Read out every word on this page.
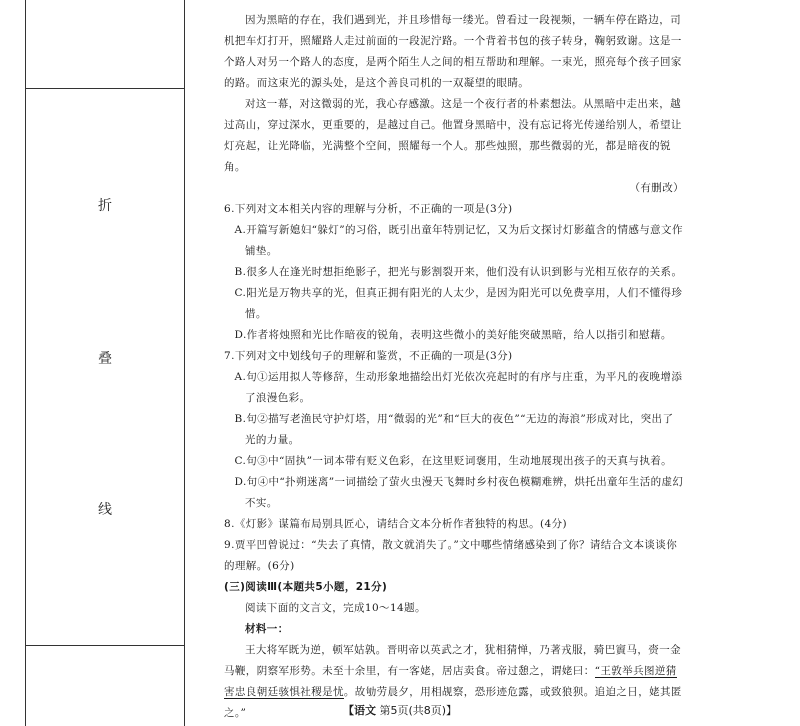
折
叠
线

因为黑暗的存在，我们遇到光，并且珍惜每一缕光。曾看过一段视频，一辆车停在路边，司机把车灯打开，照耀路人走过前面的一段泥泞路。一个背着书包的孩子转身，鞠躬致谢。这是一个路人对另一个路人的态度，是两个陌生人之间的相互帮助和理解。一束光，照亮每个孩子回家的路。而这束光的源头处，是这个善良司机的一双凝望的眼睛。

对这一幕，对这微弱的光，我心存感激。这是一个夜行者的朴素想法。从黑暗中走出来，越过高山，穿过深水，更重要的，是越过自己。他置身黑暗中，没有忘记将光传递给别人，希望让灯亮起，让光降临，光满整个空间，照耀每一个人。那些烛照，那些微弱的光，都是暗夜的锐角。

（有删改）

6.下列对文本相关内容的理解与分析，不正确的一项是(3分)

A.开篇写新媳妇“躲灯”的习俗，既引出童年特别记忆，又为后文探讨灯影蕴含的情感与意文作铺垫。

B.很多人在逢光时想拒绝影子，把光与影割裂开来，他们没有认识到影与光相互依存的关系。

C.阳光是万物共享的光，但真正拥有阳光的人太少，是因为阳光可以免费享用，人们不懂得珍惜。

D.作者将烛照和光比作暗夜的锐角，表明这些微小的美好能突破黑暗，给人以指引和慰藉。

7.下列对文中划线句子的理解和鉴赏，不正确的一项是(3分)

A.句①运用拟人等修辞，生动形象地描绘出灯光依次亮起时的有序与庄重，为平凡的夜晚增添了浪漫色彩。

B.句②描写老渔民守护灯塔，用“微弱的光”和“巨大的夜色”“无边的海浪”形成对比，突出了光的力量。

C.句③中“固执”一词本带有贬义色彩，在这里贬词褒用，生动地展现出孩子的天真与执着。

D.句④中“扑朔迷离”一词描绘了萤火虫漫天飞舞时乡村夜色模糊难辨，烘托出童年生活的虚幻不实。

8.《灯影》谋篇布局别具匠心，请结合文本分析作者独特的构思。(4分)

9.贾平凹曾说过：“失去了真情，散文就消失了。”文中哪些情绪感染到了你？请结合文本谈谈你的理解。(6分)

(三)阅读Ⅲ(本题共5小题，21分)

阅读下面的文言文，完成10～14题。

材料一：

王大将军既为逆，顿军姑孰。晋明帝以英武之才，犹相猜惮，乃著戎服，骑巴賨马，赍一金马鞭，阴察军形势。未至十余里，有一客姥，居店卖食。帝过憩之，谓姥曰：“王敦举兵图逆猜害忠良朝廷骇惧社稷是忧。故劬劳晨夕，用相觇察，恐形迹危露，或致狼狈。追迫之日，姥其匿之。”	【语文 第5页(共8页)】
